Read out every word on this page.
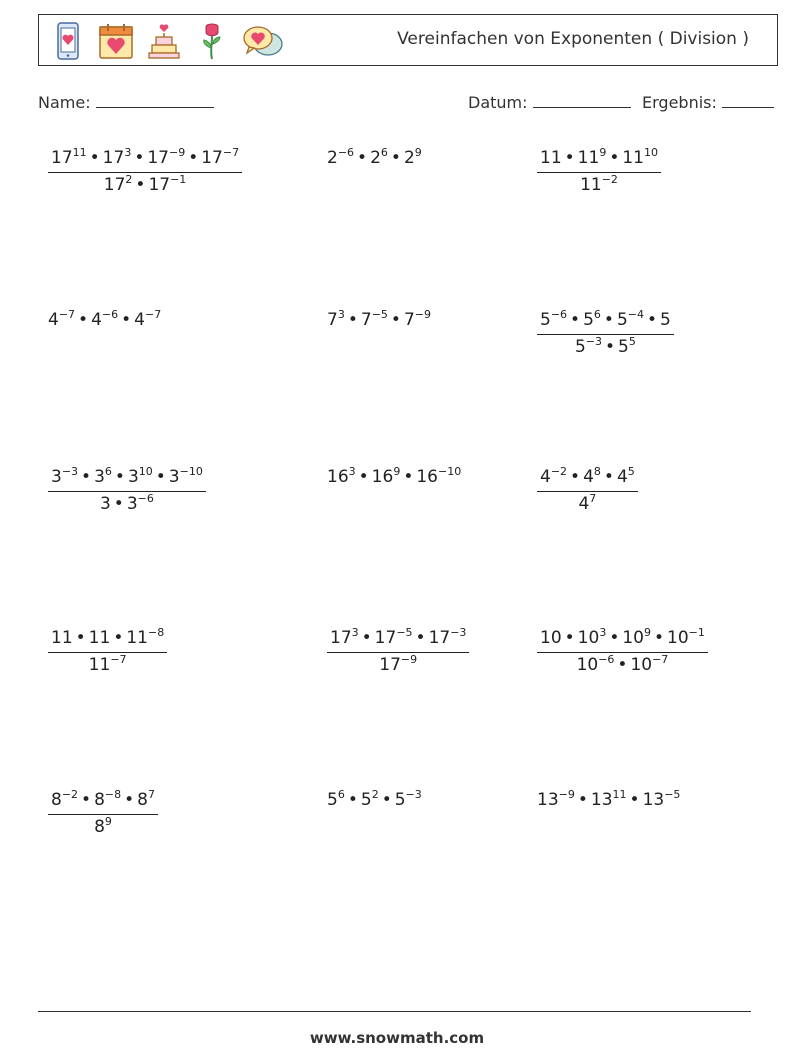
Vereinfachen von Exponenten ( Division )
Name:	Datum:	Ergebnis:
$\frac{17^{11} • 17^3 • 17^{-9} • 17^{-7}}{17^2 • 17^{-1}}$	$2^{-6}$ • $2^6$ • $2^9$	$\frac{11 • 11^9 • 11^{10}}{11^{-2}}$
$4^{-7}$ • $4^{-6}$ • $4^{-7}$	$7^3$ • $7^{-5}$ • $7^{-9}$	$\frac{5^{-6} • 5^6 • 5^{-4} • 5}{5^{-3} • 5^5}$
$\frac{3^{-3} • 3^6 • 3^{10} • 3^{-10}}{3 • 3^{-6}}$	$16^3$ • $16^9$ • $16^{-10}$	$\frac{4^{-2} • 4^8 • 4^5}{4^7}$
$\frac{11 • 11 • 11^{-8}}{11^{-7}}$	$\frac{17^3 • 17^{-5} • 17^{-3}}{17^{-9}}$	$\frac{10 • 10^3 • 10^9 • 10^{-1}}{10^{-6} • 10^{-7}}$
$\frac{8^{-2} • 8^{-8} • 8^7}{8^9}$	$5^6$ • $5^2$ • $5^{-3}$	$13^{-9}$ • $13^{11}$ • $13^{-5}$
www.snowmath.com
